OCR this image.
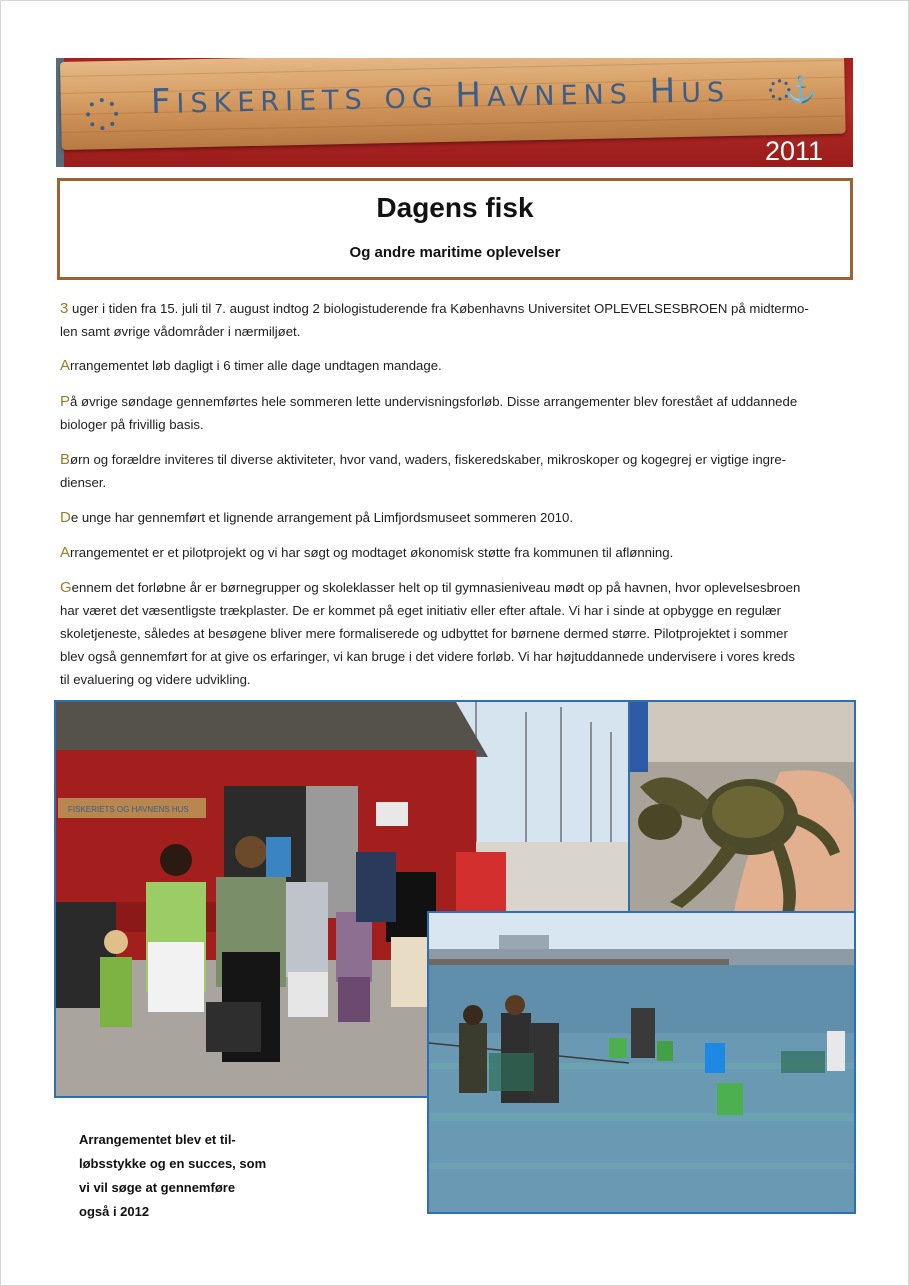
FISKERIETS OG HAVNENS HUS ⚓
2011
Dagens fisk
Og andre maritime oplevelser
3 uger i tiden fra 15. juli til 7. august indtog 2 biologistuderende fra Københavns Universitet OPLEVELSESBROEN på midtermo-
len samt øvrige vådområder i nærmiljøet.
Arrangementet løb dagligt i 6 timer alle dage undtagen mandage.
På øvrige søndage gennemførtes hele sommeren lette undervisningsforløb. Disse arrangementer blev forestået af uddannede
biologer på frivillig basis.
Børn og forældre inviteres til diverse aktiviteter, hvor vand, waders, fiskeredskaber, mikroskoper og kogegrej er vigtige ingre-
dienser.
De unge har gennemført et lignende arrangement på Limfjordsmuseet sommeren 2010.
Arrangementet er et pilotprojekt og vi har søgt og modtaget økonomisk støtte fra kommunen til aflønning.
Gennem det forløbne år er børnegrupper og skoleklasser helt op til gymnasieniveau mødt op på havnen, hvor oplevelsesbroen
har været det væsentligste trækplaster. De er kommet på eget initiativ eller efter aftale. Vi har i sinde at opbygge en regulær
skoletjeneste, således at besøgene bliver mere formaliserede og udbyttet for børnene dermed større. Pilotprojektet i sommer
blev også gennemført for at give os erfaringer, vi kan bruge i det videre forløb. Vi har højtuddannede undervisere i vores kreds
til evaluering og videre udvikling.
FISKERIETS OG HAVNENS HUS
Arrangementet blev et til-
løbsstykke og en succes, som
vi vil søge at gennemføre
også i 2012
